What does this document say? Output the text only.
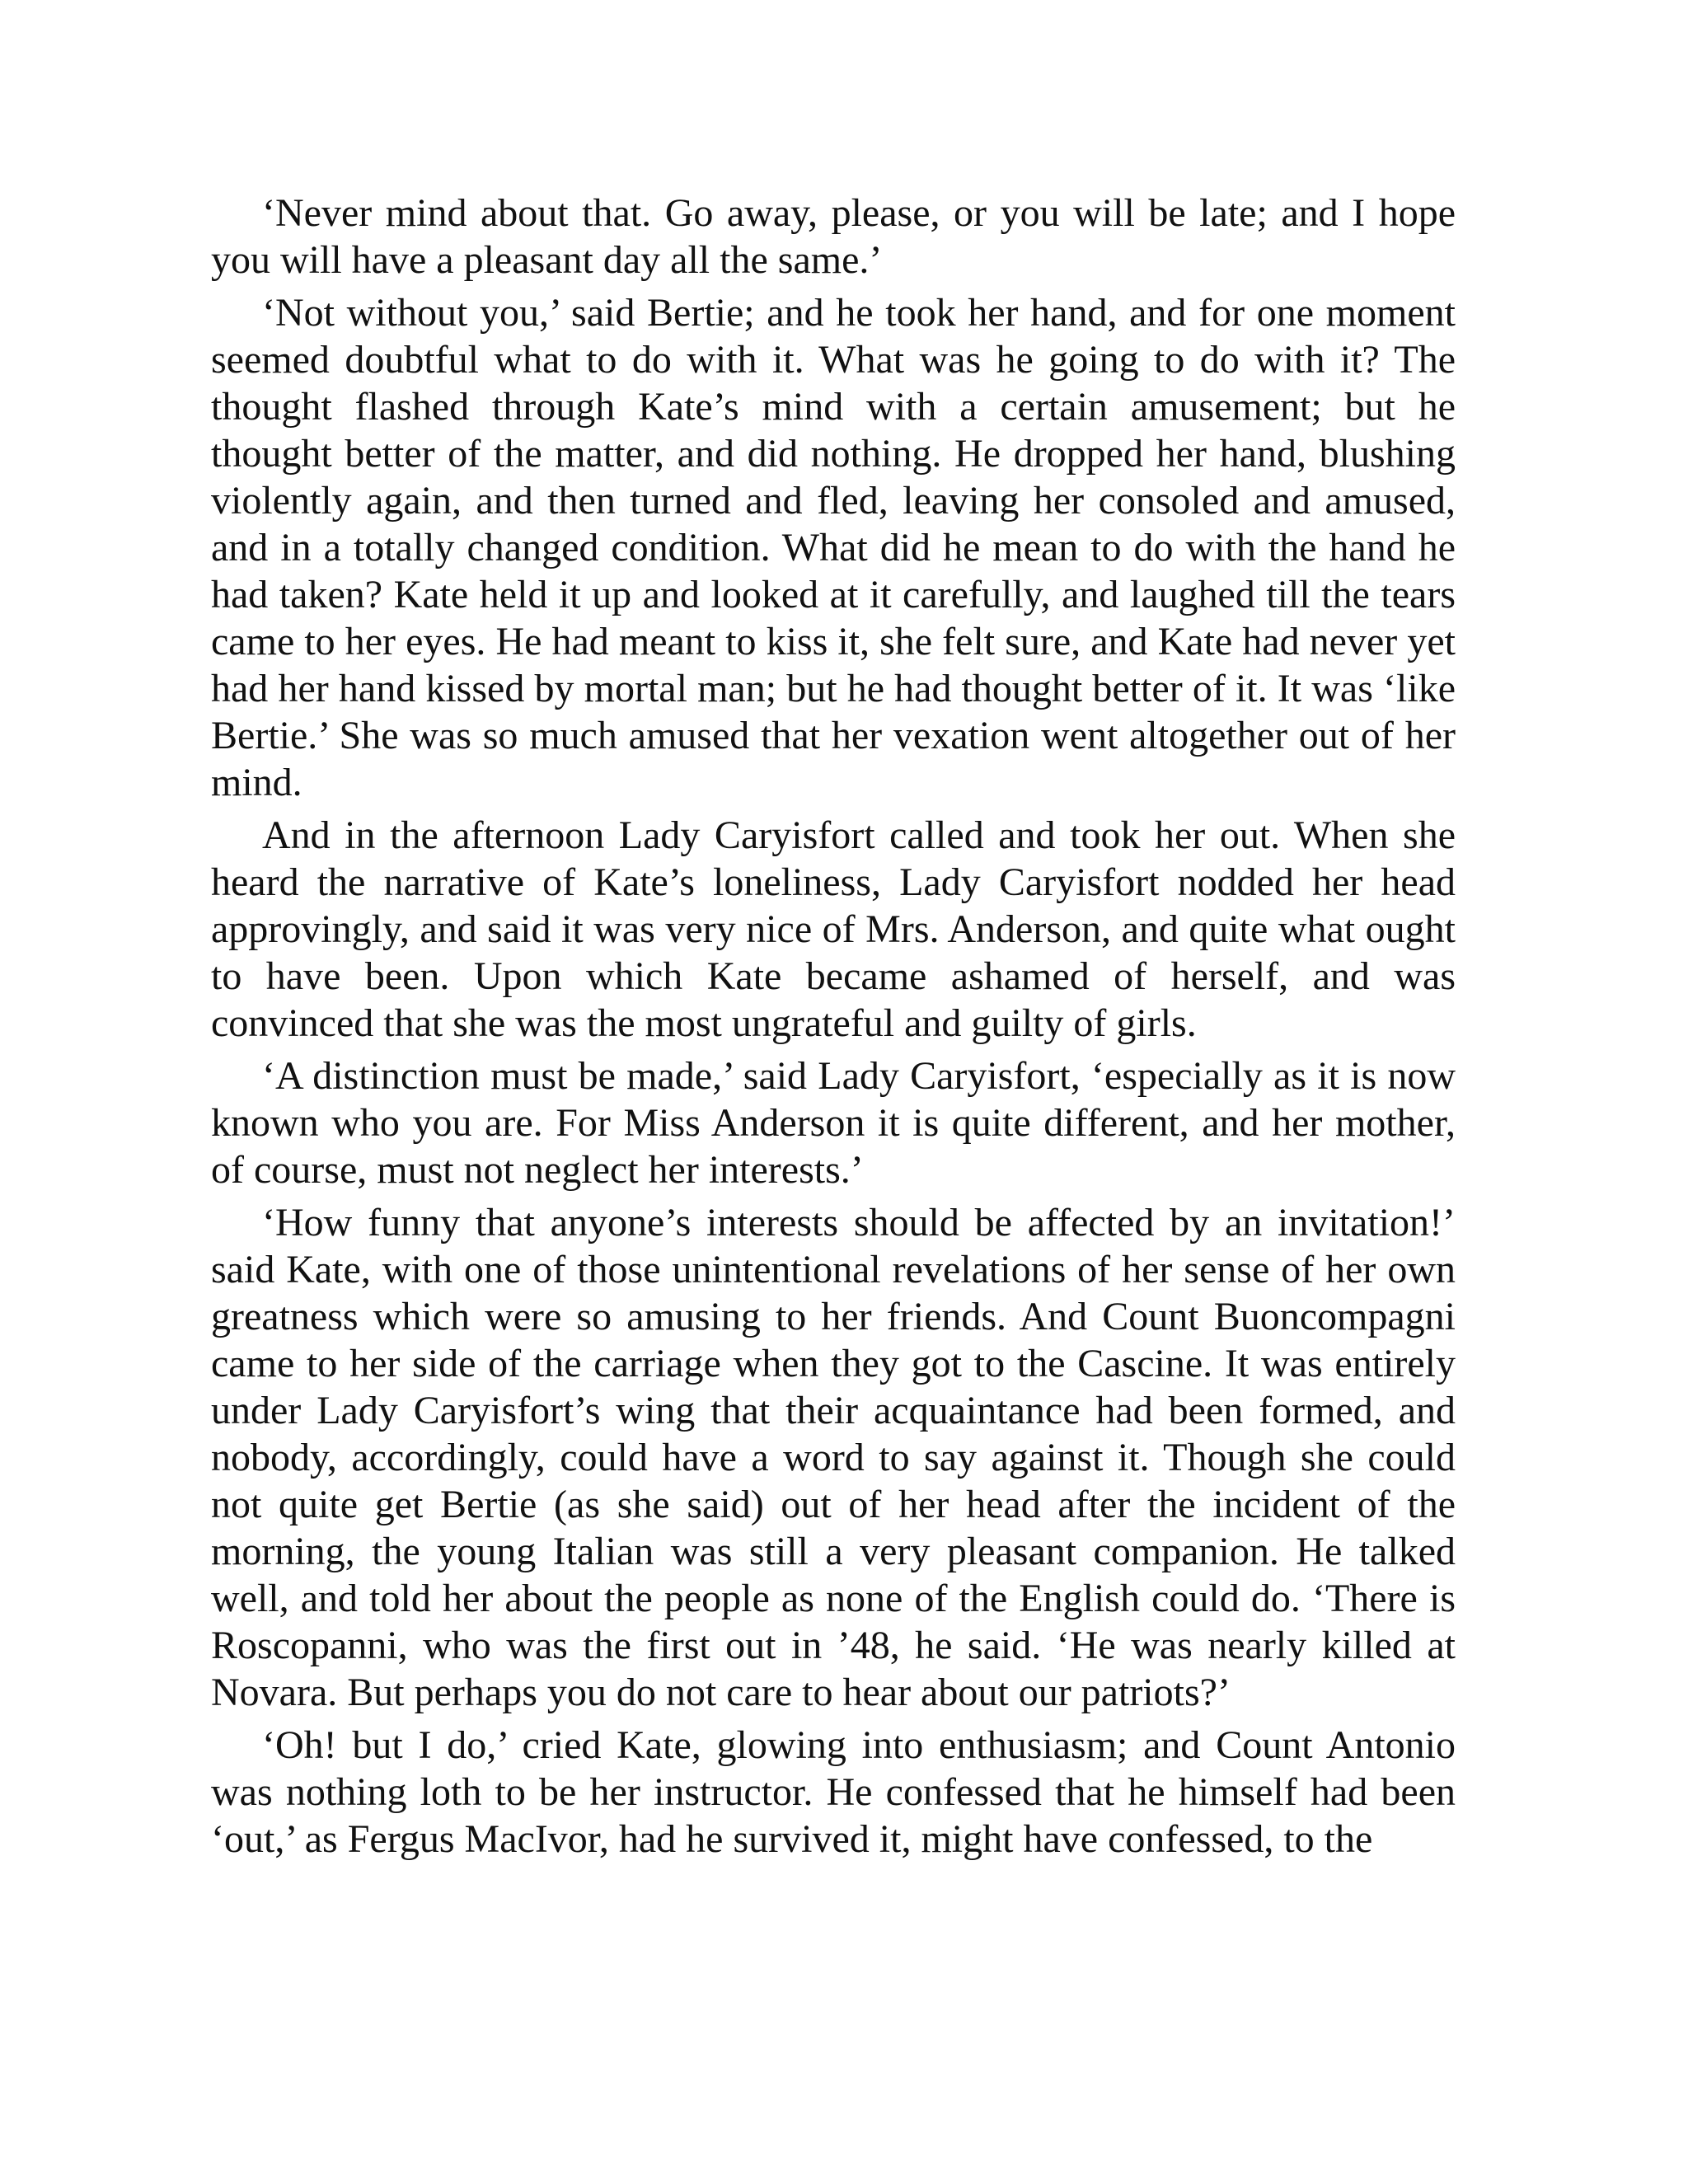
‘Never mind about that. Go away, please, or you will be late; and I hope you will have a pleasant day all the same.’

‘Not without you,’ said Bertie; and he took her hand, and for one moment seemed doubtful what to do with it. What was he going to do with it? The thought flashed through Kate’s mind with a certain amusement; but he thought better of the matter, and did nothing. He dropped her hand, blushing violently again, and then turned and fled, leaving her consoled and amused, and in a totally changed condition. What did he mean to do with the hand he had taken? Kate held it up and looked at it carefully, and laughed till the tears came to her eyes. He had meant to kiss it, she felt sure, and Kate had never yet had her hand kissed by mortal man; but he had thought better of it. It was ‘like Bertie.’ She was so much amused that her vexation went altogether out of her mind.

And in the afternoon Lady Caryisfort called and took her out. When she heard the narrative of Kate’s loneliness, Lady Caryisfort nodded her head approvingly, and said it was very nice of Mrs. Anderson, and quite what ought to have been. Upon which Kate became ashamed of herself, and was convinced that she was the most ungrateful and guilty of girls.

‘A distinction must be made,’ said Lady Caryisfort, ‘especially as it is now known who you are. For Miss Anderson it is quite different, and her mother, of course, must not neglect her interests.’

‘How funny that anyone’s interests should be affected by an invitation!’ said Kate, with one of those unintentional revelations of her sense of her own greatness which were so amusing to her friends. And Count Buoncompagni came to her side of the carriage when they got to the Cascine. It was entirely under Lady Caryisfort’s wing that their acquaintance had been formed, and nobody, accordingly, could have a word to say against it. Though she could not quite get Bertie (as she said) out of her head after the incident of the morning, the young Italian was still a very pleasant companion. He talked well, and told her about the people as none of the English could do. ‘There is Roscopanni, who was the first out in ’48, he said. ‘He was nearly killed at Novara. But perhaps you do not care to hear about our patriots?’

‘Oh! but I do,’ cried Kate, glowing into enthusiasm; and Count Antonio was nothing loth to be her instructor. He confessed that he himself had been ‘out,’ as Fergus MacIvor, had he survived it, might have confessed, to the
